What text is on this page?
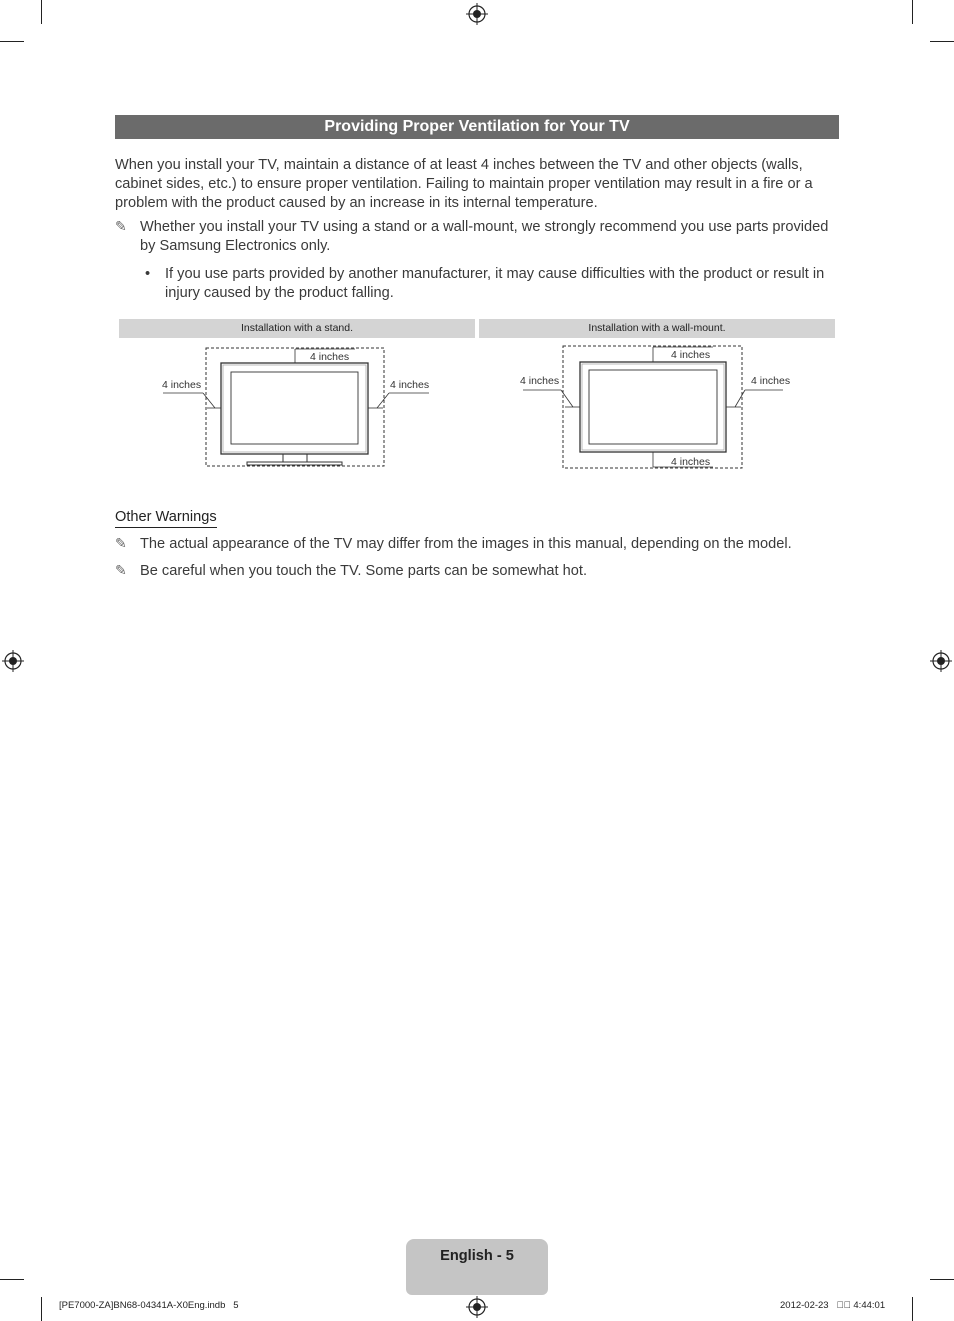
Providing Proper Ventilation for Your TV
When you install your TV, maintain a distance of at least 4 inches between the TV and other objects (walls, cabinet sides, etc.) to ensure proper ventilation. Failing to maintain proper ventilation may result in a fire or a problem with the product caused by an increase in its internal temperature.
✎ Whether you install your TV using a stand or a wall-mount, we strongly recommend you use parts provided by Samsung Electronics only.
• If you use parts provided by another manufacturer, it may cause difficulties with the product or result in injury caused by the product falling.
Installation with a stand.	Installation with a wall-mount.
4 inches
4 inches	4 inches
4 inches
4 inches	4 inches
4 inches
Other Warnings
✎ The actual appearance of the TV may differ from the images in this manual, depending on the model.
✎ Be careful when you touch the TV. Some parts can be somewhat hot.
English - 5
[PE7000-ZA]BN68-04341A-X0Eng.indb   5	2012-02-23   ￿￿ 4:44:01
